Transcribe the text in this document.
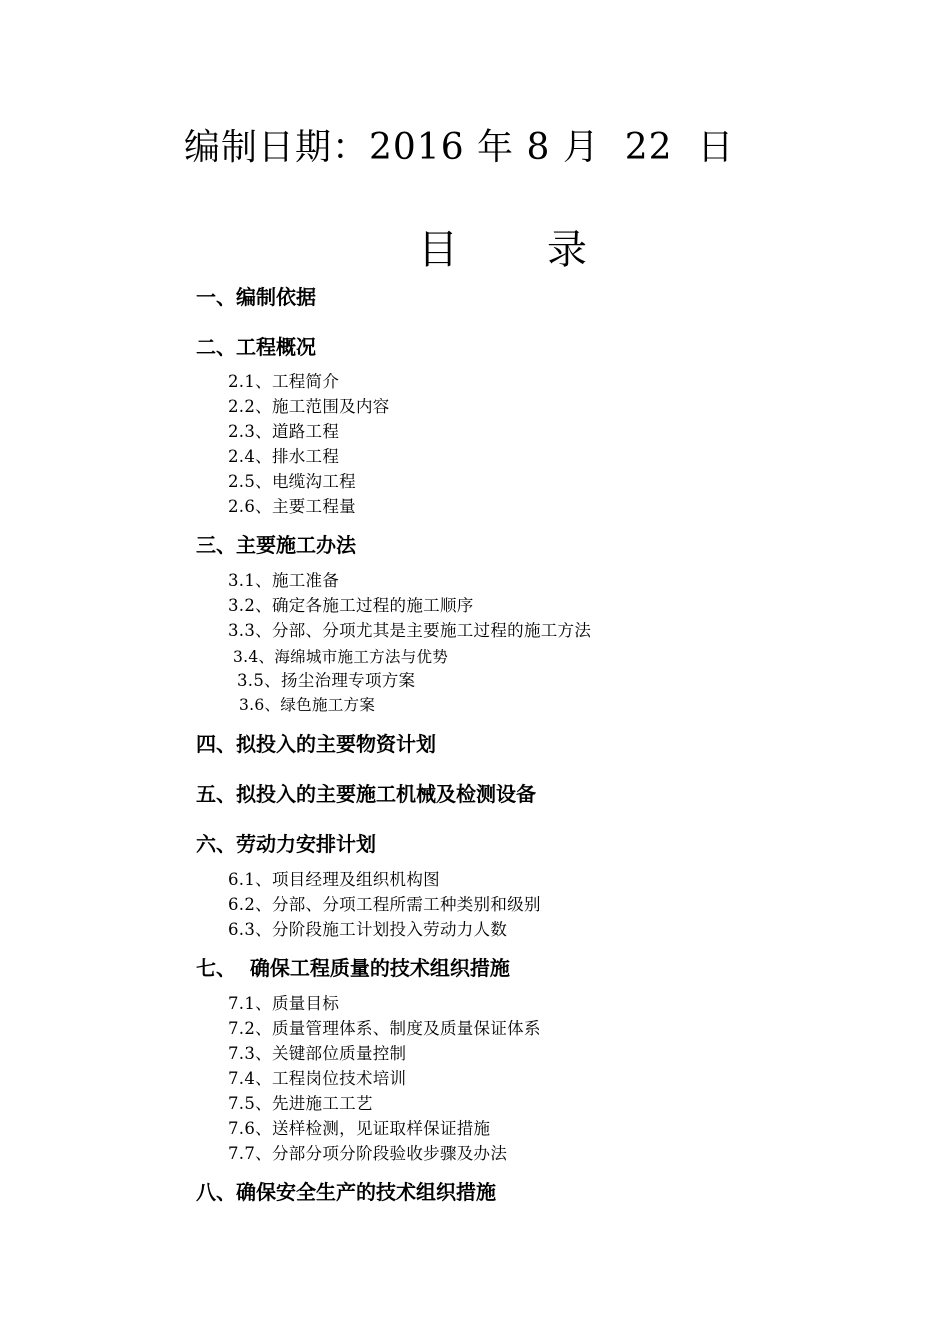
编制日期：2016 年 8 月  22  日
目       录
一、编制依据
二、工程概况
2.1、工程简介
2.2、施工范围及内容
2.3、道路工程
2.4、排水工程
2.5、电缆沟工程
2.6、主要工程量
三、主要施工办法
3.1、施工准备
3.2、确定各施工过程的施工顺序
3.3、分部、分项尤其是主要施工过程的施工方法
3.4、海绵城市施工方法与优势
3.5、扬尘治理专项方案
3.6、绿色施工方案
四、拟投入的主要物资计划
五、拟投入的主要施工机械及检测设备
六、劳动力安排计划
6.1、项目经理及组织机构图
6.2、分部、分项工程所需工种类别和级别
6.3、分阶段施工计划投入劳动力人数
七、  确保工程质量的技术组织措施
7.1、质量目标
7.2、质量管理体系、制度及质量保证体系
7.3、关键部位质量控制
7.4、工程岗位技术培训
7.5、先进施工工艺
7.6、送样检测，见证取样保证措施
7.7、分部分项分阶段验收步骤及办法
八、确保安全生产的技术组织措施
